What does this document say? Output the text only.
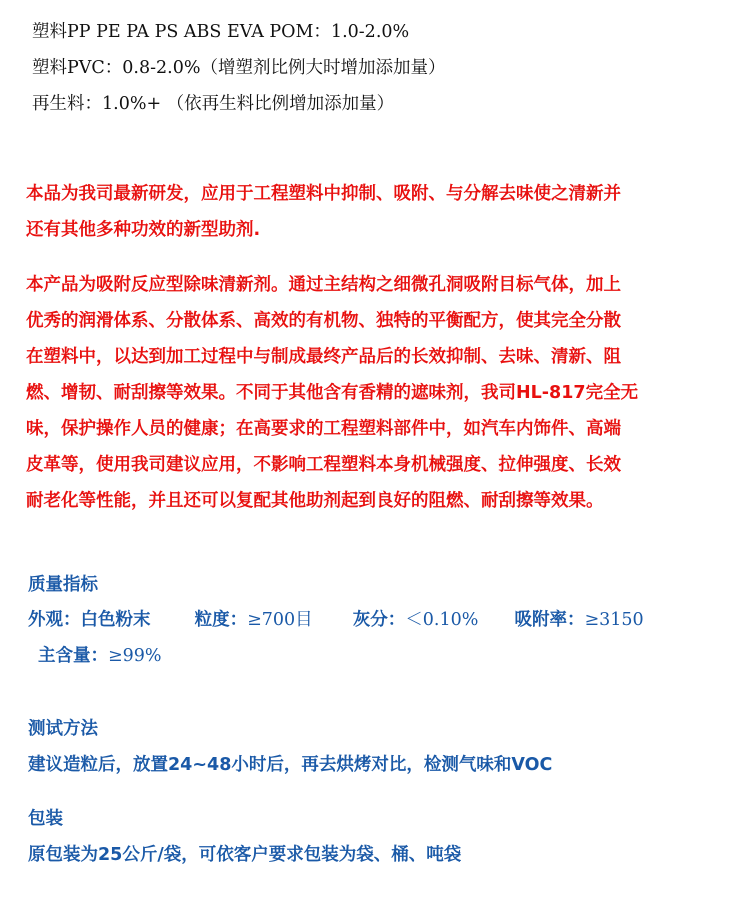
塑料PP PE PA PS ABS EVA POM：1.0-2.0%
塑料PVC：0.8-2.0%（增塑剂比例大时增加添加量）
再生料：1.0%+ （依再生料比例增加添加量）
本品为我司最新研发，应用于工程塑料中抑制、吸附、与分解去味使之清新并
还有其他多种功效的新型助剂.
本产品为吸附反应型除味清新剂。通过主结构之细微孔洞吸附目标气体，加上
优秀的润滑体系、分散体系、高效的有机物、独特的平衡配方，使其完全分散
在塑料中，以达到加工过程中与制成最终产品后的长效抑制、去味、清新、阻
燃、增韧、耐刮擦等效果。不同于其他含有香精的遮味剂，我司HL-817完全无
味，保护操作人员的健康；在高要求的工程塑料部件中，如汽车内饰件、高端
皮革等，使用我司建议应用，不影响工程塑料本身机械强度、拉伸强度、长效
耐老化等性能，并且还可以复配其他助剂起到良好的阻燃、耐刮擦等效果。
质量指标
外观：白色粉末	粒度：≥700目 灰分：＜0.10% 吸附率：≥3150
主含量：≥99%
测试方法
建议造粒后，放置24~48小时后，再去烘烤对比，检测气味和VOC
包装
原包装为25公斤/袋，可依客户要求包装为袋、桶、吨袋
